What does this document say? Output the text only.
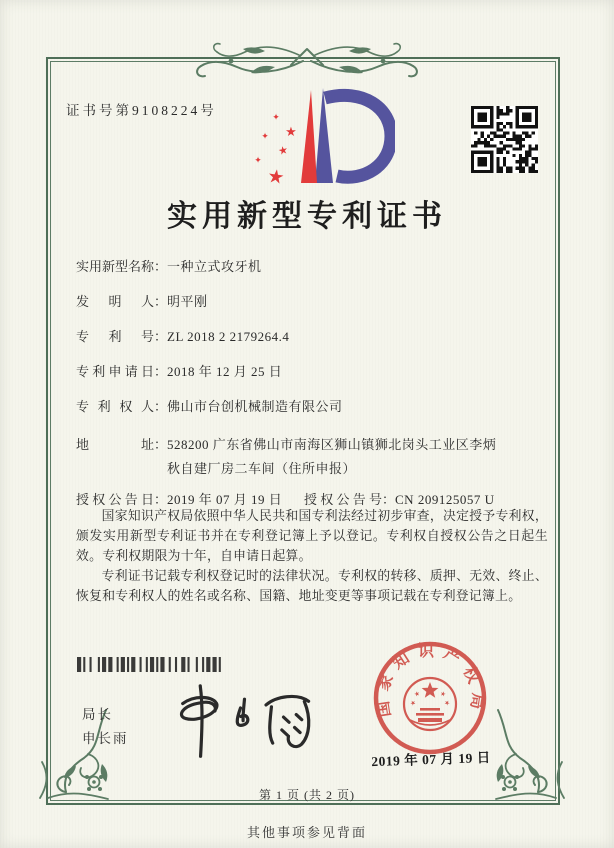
证书号第9108224号	✦
★
✦
★
✦
★
实用新型专利证书
实用新型名称： 一种立式攻牙机
发明人： 明平刚
专利号： ZL 2018 2 2179264.4
专利申请日： 2018 年 12 月 25 日
专利权人： 佛山市台创机械制造有限公司
地址： 528200 广东省佛山市南海区狮山镇狮北岗头工业区李炳秋自建厂房二车间（住所申报）
授权公告日： 2019 年 07 月 19 日 授权公告号： CN 209125057 U

国家知识产权局依照中华人民共和国专利法经过初步审查，决定授予专利权，颁发实用新型专利证书并在专利登记簿上予以登记。专利权自授权公告之日起生效。专利权期限为十年，自申请日起算。

专利证书记载专利权登记时的法律状况。专利权的转移、质押、无效、终止、恢复和专利权人的姓名或名称、国籍、地址变更等事项记载在专利登记簿上。

局长
申长雨
国家知识产权局
★	★
★	★
2019 年 07 月 19 日
第 1 页 (共 2 页)
其他事项参见背面
